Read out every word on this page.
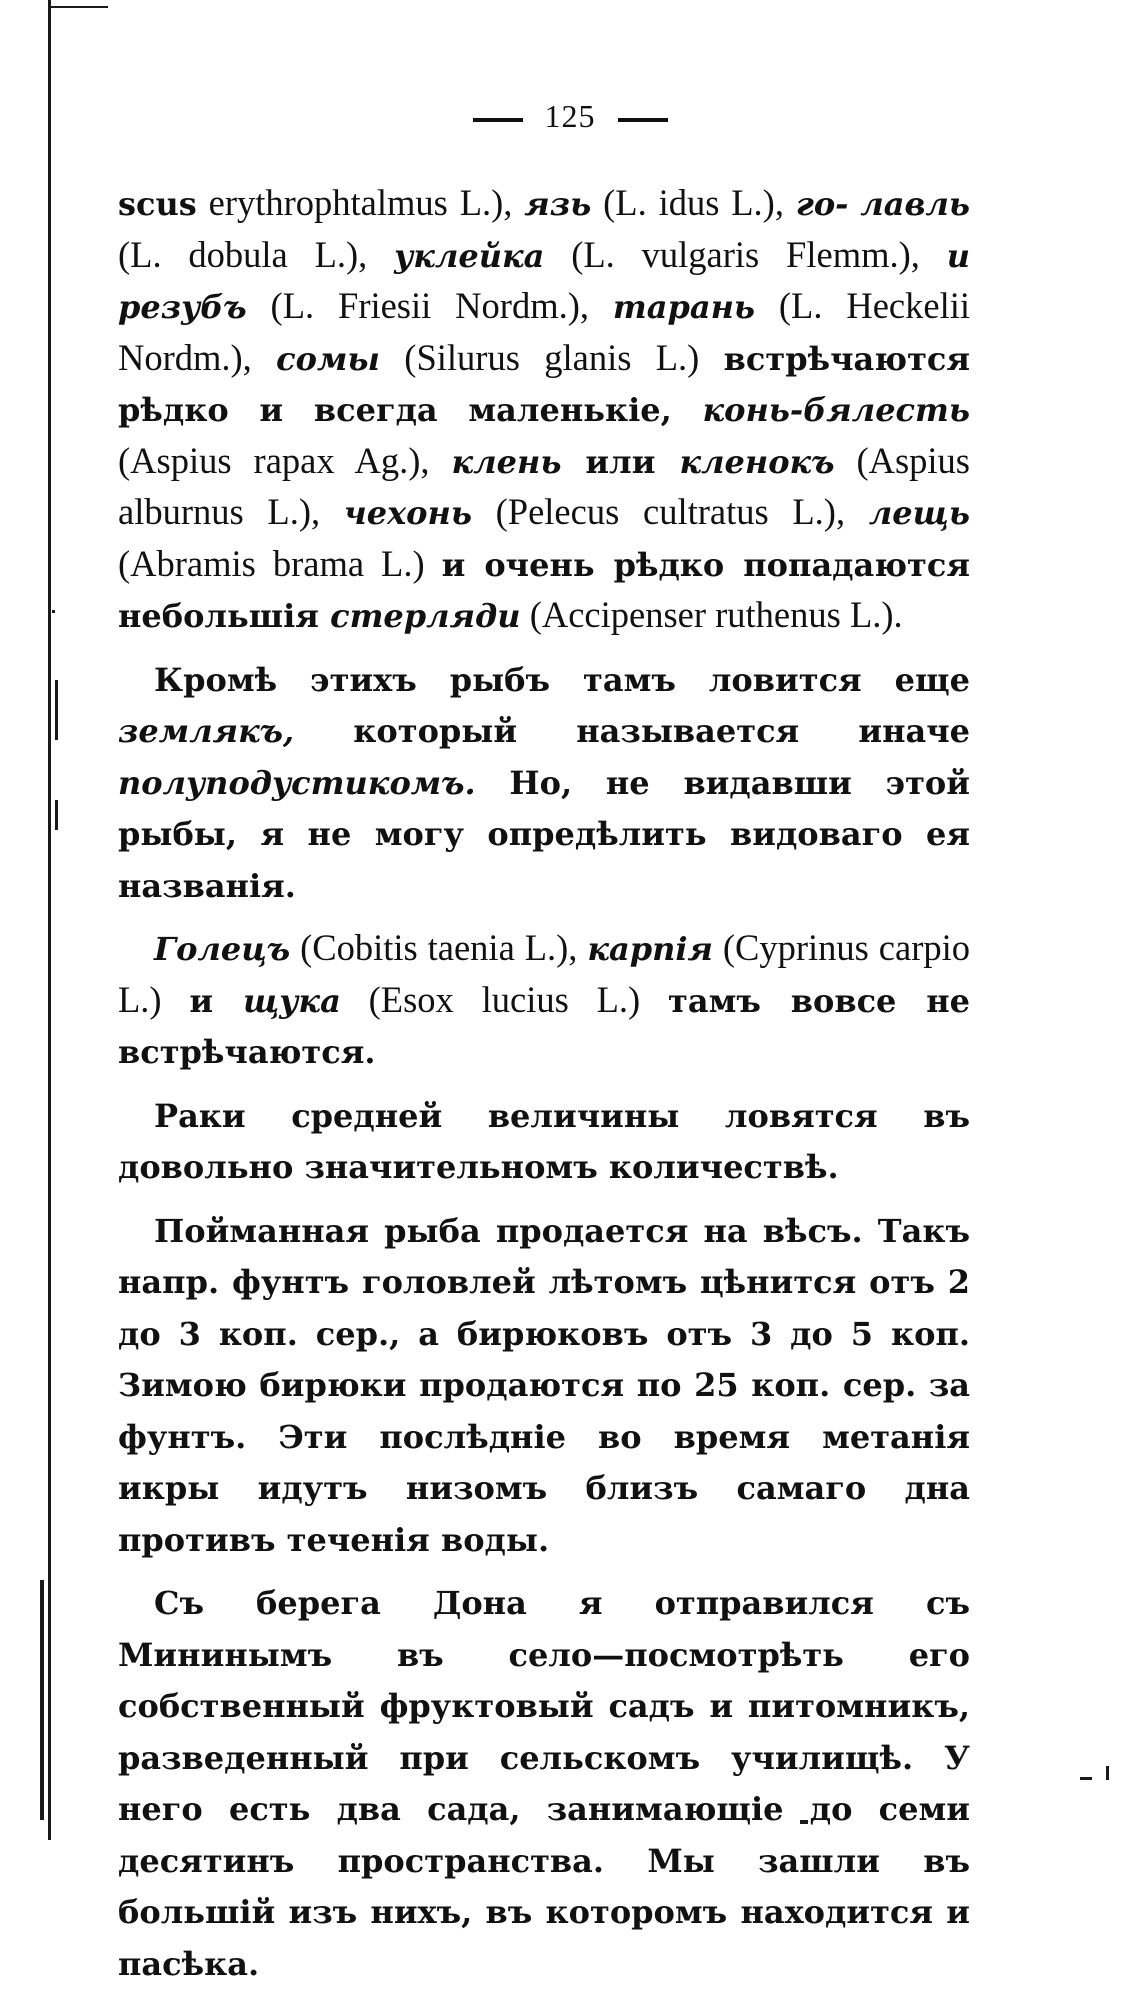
125

scus erythrophtalmus L.), язь (L. idus L.), го- лавль (L. dobula L.), уклейка (L. vulgaris Flemm.), и резубъ (L. Friesii Nordm.), тарань (L. Heckelii Nordm.), сомы (Silurus glanis L.) встрѣчаются рѣдко и всегда маленькіе, конь-бялесть (Aspius rapax Ag.), клень или кленокъ (Aspius alburnus L.), чехонь (Pelecus cultratus L.), лещь (Abramis brama L.) и очень рѣдко попадаются небольшія стерляди (Accipenser ruthenus L.).

Кромѣ этихъ рыбъ тамъ ловится еще землякъ, который называется иначе полуподустикомъ. Но, не видавши этой рыбы, я не могу опредѣлить видоваго ея названія.

Голецъ (Cobitis taenia L.), карпія (Cyprinus carpio L.) и щука (Esox lucius L.) тамъ вовсе не встрѣчаются.

Раки средней величины ловятся въ довольно значительномъ количествѣ.

Пойманная рыба продается на вѣсъ. Такъ напр. фунтъ головлей лѣтомъ цѣнится отъ 2 до 3 коп. сер., а бирюковъ отъ 3 до 5 коп. Зимою бирюки продаются по 25 коп. сер. за фунтъ. Эти послѣдніе во время метанія икры идутъ низомъ близъ самаго дна противъ теченія воды.

Съ берега Дона я отправился съ Мининымъ въ село—посмотрѣть его собственный фруктовый садъ и питомникъ, разведенный при сельскомъ училищѣ. У него есть два сада, занимающіе до семи десятинъ пространства. Мы зашли въ большій изъ нихъ, въ которомъ находится и пасѣка.
